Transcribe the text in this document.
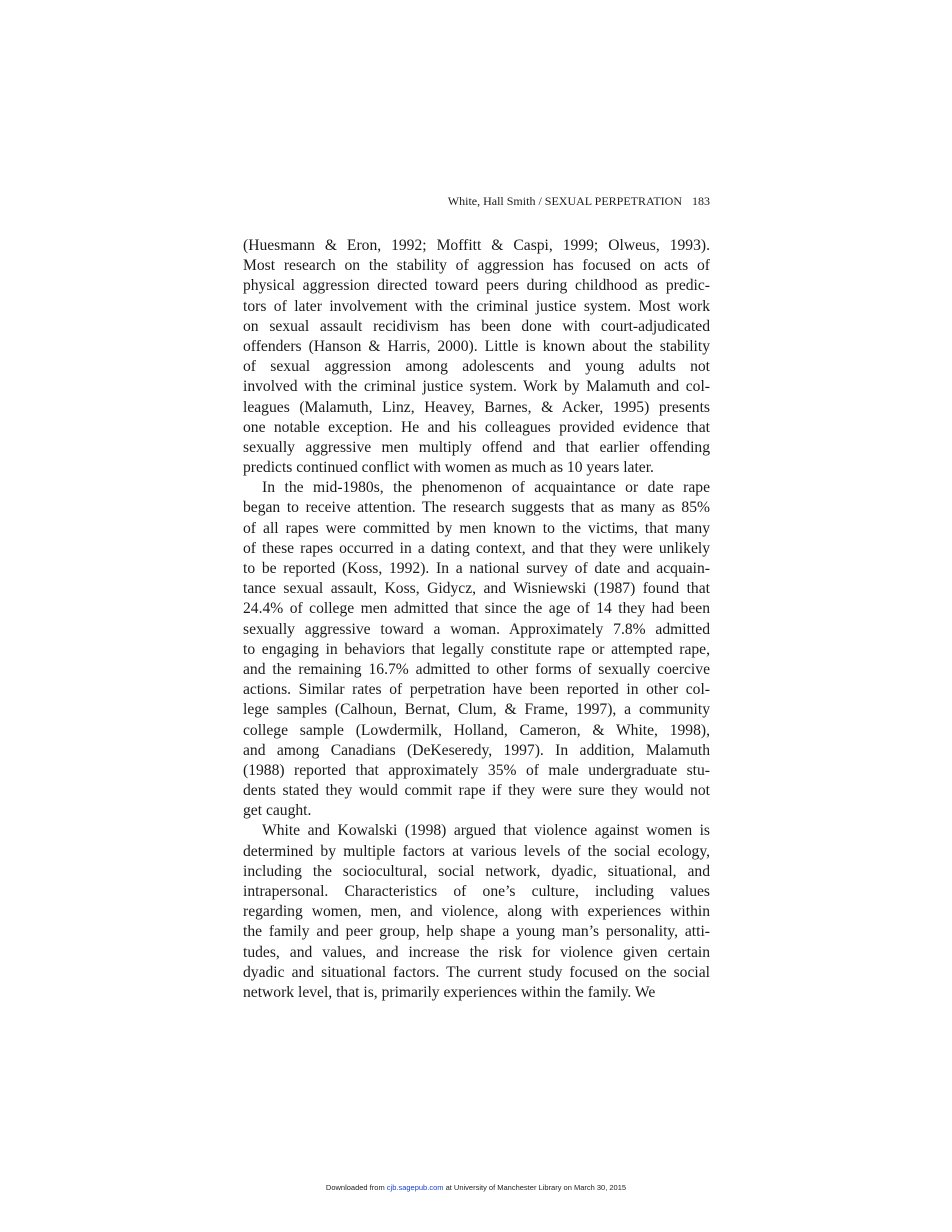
White, Hall Smith / SEXUAL PERPETRATION 183
(Huesmann & Eron, 1992; Moffitt & Caspi, 1999; Olweus, 1993).
Most research on the stability of aggression has focused on acts of
physical aggression directed toward peers during childhood as predic-
tors of later involvement with the criminal justice system. Most work
on sexual assault recidivism has been done with court-adjudicated
offenders (Hanson & Harris, 2000). Little is known about the stability
of sexual aggression among adolescents and young adults not
involved with the criminal justice system. Work by Malamuth and col-
leagues (Malamuth, Linz, Heavey, Barnes, & Acker, 1995) presents
one notable exception. He and his colleagues provided evidence that
sexually aggressive men multiply offend and that earlier offending
predicts continued conflict with women as much as 10 years later.
In the mid-1980s, the phenomenon of acquaintance or date rape
began to receive attention. The research suggests that as many as 85%
of all rapes were committed by men known to the victims, that many
of these rapes occurred in a dating context, and that they were unlikely
to be reported (Koss, 1992). In a national survey of date and acquain-
tance sexual assault, Koss, Gidycz, and Wisniewski (1987) found that
24.4% of college men admitted that since the age of 14 they had been
sexually aggressive toward a woman. Approximately 7.8% admitted
to engaging in behaviors that legally constitute rape or attempted rape,
and the remaining 16.7% admitted to other forms of sexually coercive
actions. Similar rates of perpetration have been reported in other col-
lege samples (Calhoun, Bernat, Clum, & Frame, 1997), a community
college sample (Lowdermilk, Holland, Cameron, & White, 1998),
and among Canadians (DeKeseredy, 1997). In addition, Malamuth
(1988) reported that approximately 35% of male undergraduate stu-
dents stated they would commit rape if they were sure they would not
get caught.
White and Kowalski (1998) argued that violence against women is
determined by multiple factors at various levels of the social ecology,
including the sociocultural, social network, dyadic, situational, and
intrapersonal. Characteristics of one’s culture, including values
regarding women, men, and violence, along with experiences within
the family and peer group, help shape a young man’s personality, atti-
tudes, and values, and increase the risk for violence given certain
dyadic and situational factors. The current study focused on the social
network level, that is, primarily experiences within the family. We
Downloaded from cjb.sagepub.com at University of Manchester Library on March 30, 2015
